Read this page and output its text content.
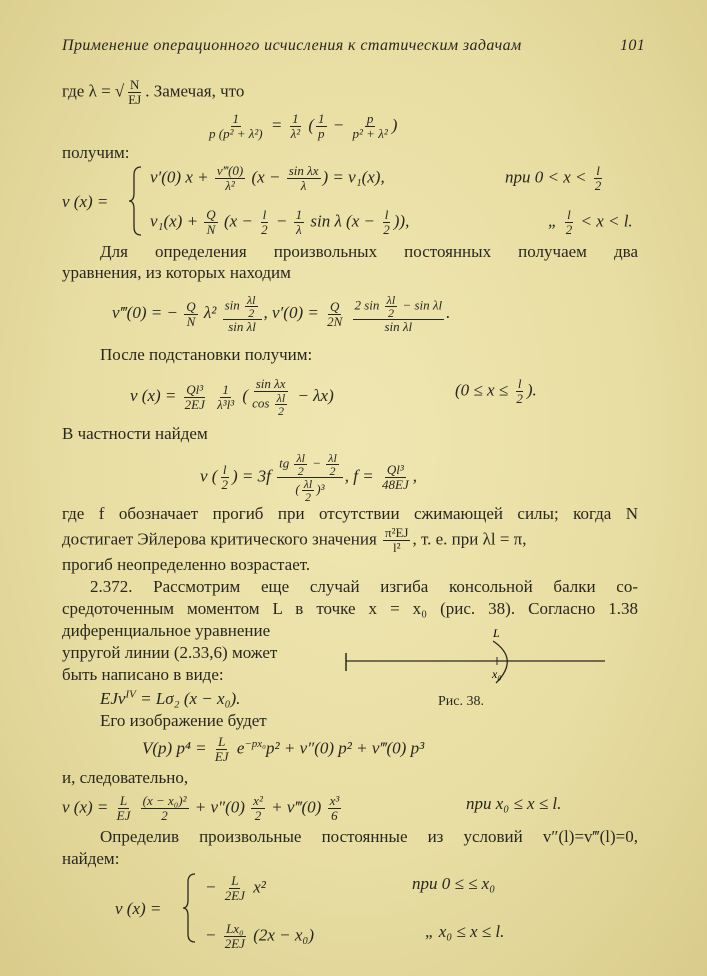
Применение операционного исчисления к статическим задачам	101
где λ = √ $\frac{N}{EJ}$ . Замечая, что
$\frac{1}{\text{p (p² + λ²)}} = \frac{1}{\text{λ²}}$ ( $\frac{1}{p} - \frac{p}{\text{p² + λ²}}$ )
получим:
v (x) =
v′(0) $x + \frac{v‴(0)}{\text{λ²}} (x - \frac{\text{sin λx}}{\lambda}$ ) = v₁(x),	при $0 < x < \frac{l}{2}$
$v_1(x) + \frac{Q}{N} (x - \frac{l}{2} - \frac{1}{\lambda}$ sin λ ($x - \frac{l}{2}$ )),	„ $\frac{l}{2} < x < l$.
Для определения произвольных постоянных получаем два
уравнения, из которых находим
v‴(0) = − $\frac{Q}{N} \lambda^2 \frac{\sin \frac{\lambda l}{2}}{\text{sin λl}}$ , $v'(0) = \frac{Q}{2N}$
$\frac{2 \sin \frac{\lambda l}{2} - \sin \lambda l}{\text{sin λl}}$ .
После подстановки получим:
v $(x) = \frac{\text{Ql³}}{2EJ}$
$\frac{1}{\text{λ³l³}}$ ( $\frac{\text{sin λx}}{\cos \frac{\lambda l}{2}} - \lambda x$)	($0 \le x \le \frac{l}{2}$ ).
В частности найдем
v ( $\frac{l}{2}$ ) = $3f \frac{tg \frac{\lambda l}{2} - \frac{\lambda l}{2}}{( \frac{\lambda l}{2} )^3}$ , $f = \frac{\text{Ql³}}{48EJ}$ ,
где f обозначает прогиб при отсутствии сжимающей силы; когда N
достигает Эйлерова критического значения $\frac{\text{π²EJ}}{\text{l²}}$ , т. е. при λl = π,
прогиб неопределенно возрастает.
2.372. Рассмотрим еще случай изгиба консольной балки со-
средоточенным моментом L в точке x = x₀ (рис. 38). Согласно 1.38
диференциальное уравнение
упругой линии (2.33,6) может
быть написано в виде:
EJv$^{IV}$ = Lσ₂ (x − x₀).
L
x₀
Рис. 38.
Его изображение будет
V(p) $p^4 = \frac{L}{EJ} e^{-px_0}p^2 + v''(0) p^2$ + v‴(0) p³
и, следовательно,
v $(x) = \frac{L}{EJ}$
$\frac{\text{(x − x₀)²}}{2} + v''(0) \frac{\text{x²}}{2}$ + v‴(0) $\frac{\text{x³}}{6}$	при x₀ ≤ x ≤ l.
Определив произвольные постоянные из условий v″(l)=v‴(l)=0,
найдем:
v (x) =
− $\frac{L}{2EJ} x^2$	при 0 ≤ ≤ x₀
− $\frac{\text{Lx₀}}{2EJ} (2x - x_0)$	„ x₀ ≤ x ≤ l.
